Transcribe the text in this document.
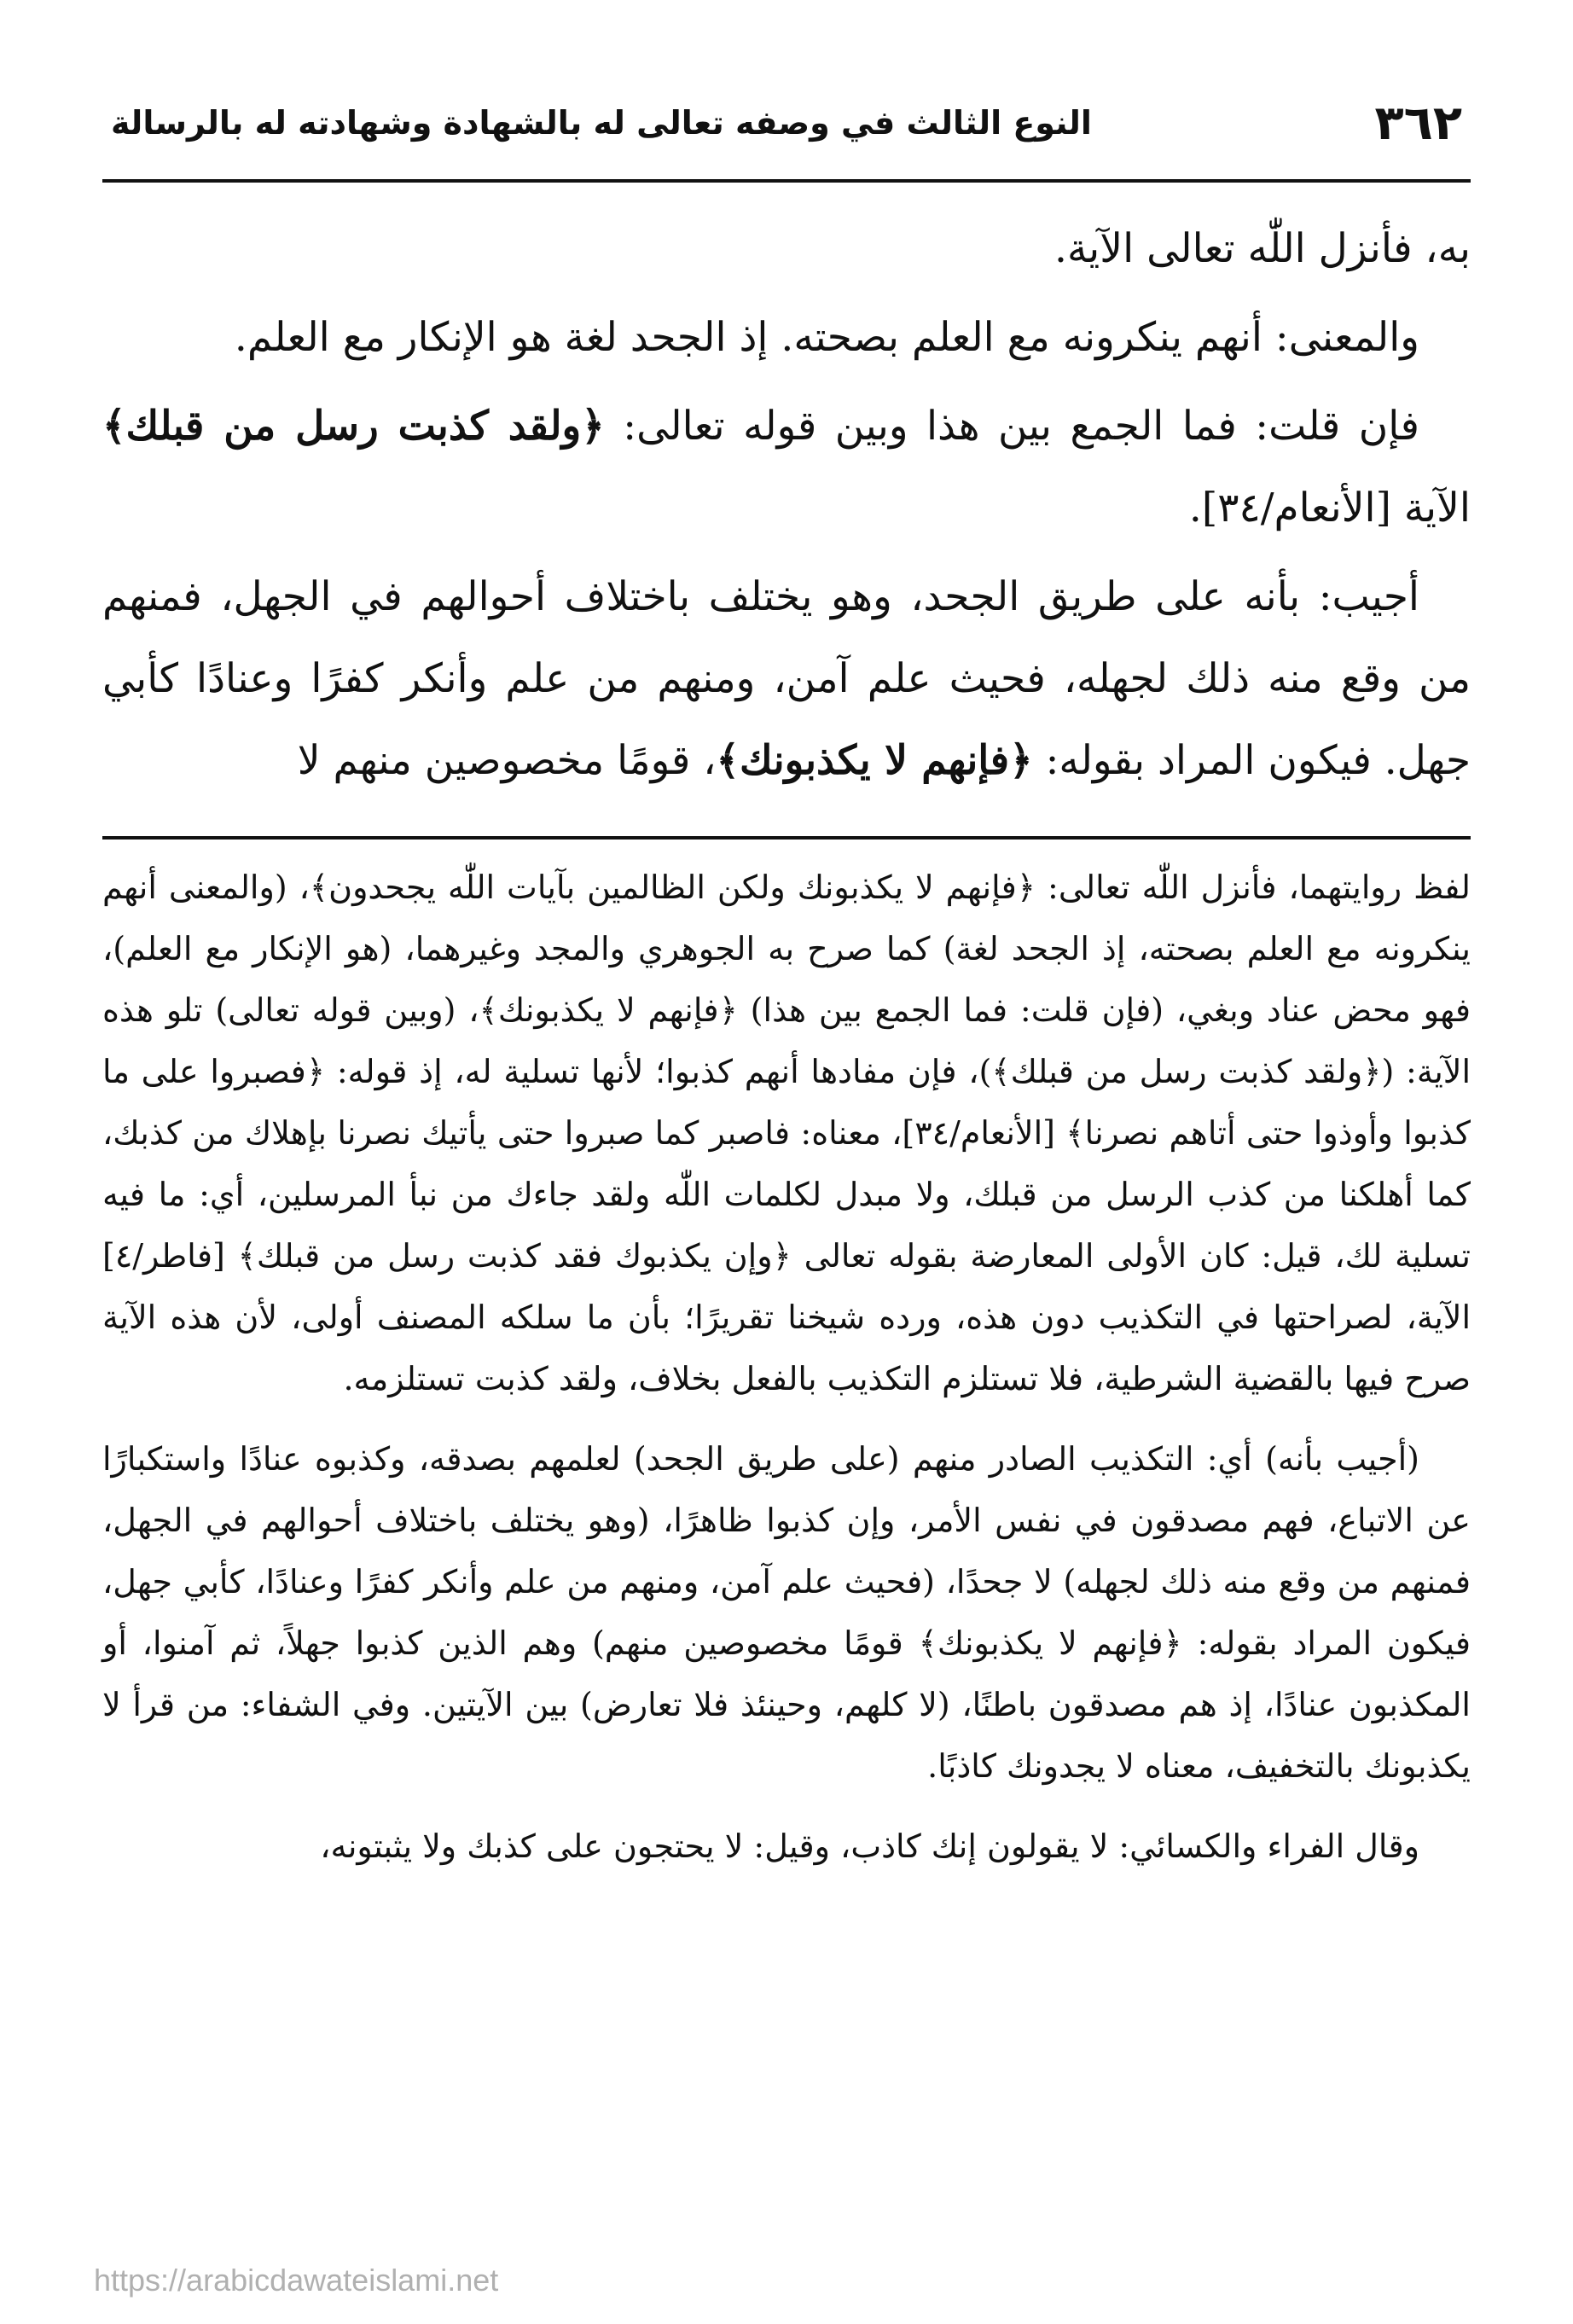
٣٦٢
النوع الثالث في وصفه تعالى له بالشهادة وشهادته له بالرسالة

به، فأنزل اللّٰه تعالى الآية.

والمعنى: أنهم ينكرونه مع العلم بصحته. إذ الجحد لغة هو الإنكار مع العلم.

فإن قلت: فما الجمع بين هذا وبين قوله تعالى: ﴿ولقد كذبت رسل من قبلك﴾ الآية [الأنعام/٣٤].

أجيب: بأنه على طريق الجحد، وهو يختلف باختلاف أحوالهم في الجهل، فمنهم من وقع منه ذلك لجهله، فحيث علم آمن، ومنهم من علم وأنكر كفرًا وعنادًا كأبي جهل. فيكون المراد بقوله: ﴿فإنهم لا يكذبونك﴾، قومًا مخصوصين منهم لا

لفظ روايتهما، فأنزل اللّٰه تعالى: ﴿فإنهم لا يكذبونك ولكن الظالمين بآيات اللّٰه يجحدون﴾، (والمعنى أنهم ينكرونه مع العلم بصحته، إذ الجحد لغة) كما صرح به الجوهري والمجد وغيرهما، (هو الإنكار مع العلم)، فهو محض عناد وبغي، (فإن قلت: فما الجمع بين هذا) ﴿فإنهم لا يكذبونك﴾، (وبين قوله تعالى) تلو هذه الآية: (﴿ولقد كذبت رسل من قبلك﴾)، فإن مفادها أنهم كذبوا؛ لأنها تسلية له، إذ قوله: ﴿فصبروا على ما كذبوا وأوذوا حتى أتاهم نصرنا﴾ [الأنعام/٣٤]، معناه: فاصبر كما صبروا حتى يأتيك نصرنا بإهلاك من كذبك، كما أهلكنا من كذب الرسل من قبلك، ولا مبدل لكلمات اللّٰه ولقد جاءك من نبأ المرسلين، أي: ما فيه تسلية لك، قيل: كان الأولى المعارضة بقوله تعالى ﴿وإن يكذبوك فقد كذبت رسل من قبلك﴾ [فاطر/٤] الآية، لصراحتها في التكذيب دون هذه، ورده شيخنا تقريرًا؛ بأن ما سلكه المصنف أولى، لأن هذه الآية صرح فيها بالقضية الشرطية، فلا تستلزم التكذيب بالفعل بخلاف، ولقد كذبت تستلزمه.

(أجيب بأنه) أي: التكذيب الصادر منهم (على طريق الجحد) لعلمهم بصدقه، وكذبوه عنادًا واستكبارًا عن الاتباع، فهم مصدقون في نفس الأمر، وإن كذبوا ظاهرًا، (وهو يختلف باختلاف أحوالهم في الجهل، فمنهم من وقع منه ذلك لجهله) لا جحدًا، (فحيث علم آمن، ومنهم من علم وأنكر كفرًا وعنادًا، كأبي جهل، فيكون المراد بقوله: ﴿فإنهم لا يكذبونك﴾ قومًا مخصوصين منهم) وهم الذين كذبوا جهلاً، ثم آمنوا، أو المكذبون عنادًا، إذ هم مصدقون باطنًا، (لا كلهم، وحينئذ فلا تعارض) بين الآيتين. وفي الشفاء: من قرأ لا يكذبونك بالتخفيف، معناه لا يجدونك كاذبًا.

وقال الفراء والكسائي: لا يقولون إنك كاذب، وقيل: لا يحتجون على كذبك ولا يثبتونه،

https://arabicdawateislami.net
